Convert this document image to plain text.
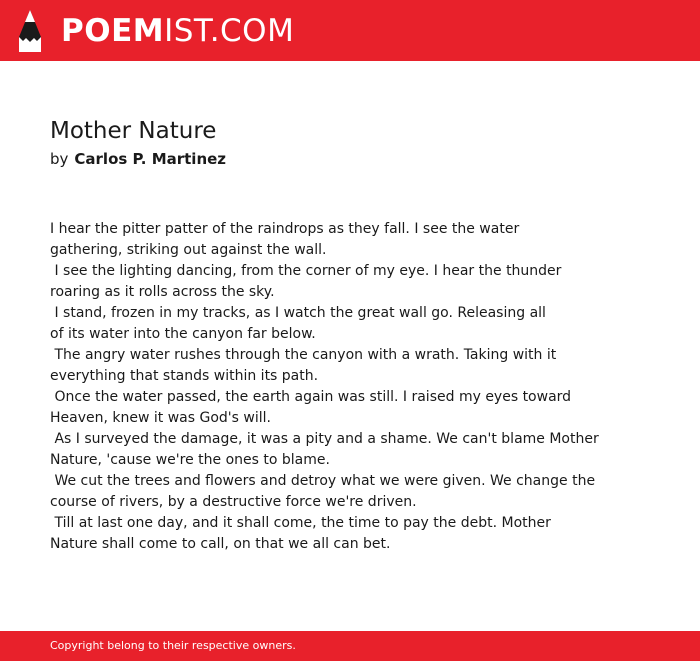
POEMIST.COM
Mother Nature
by Carlos P. Martinez
I hear the pitter patter of the raindrops as they fall. I see the water
gathering, striking out against the wall.
I see the lighting dancing, from the corner of my eye. I hear the thunder
roaring as it rolls across the sky.
I stand, frozen in my tracks, as I watch the great wall go. Releasing all
of its water into the canyon far below.
The angry water rushes through the canyon with a wrath. Taking with it
everything that stands within its path.
Once the water passed, the earth again was still. I raised my eyes toward
Heaven, knew it was God's will.
As I surveyed the damage, it was a pity and a shame. We can't blame Mother
Nature, 'cause we're the ones to blame.
We cut the trees and flowers and detroy what we were given. We change the
course of rivers, by a destructive force we're driven.
Till at last one day, and it shall come, the time to pay the debt. Mother
Nature shall come to call, on that we all can bet.
Copyright belong to their respective owners.
